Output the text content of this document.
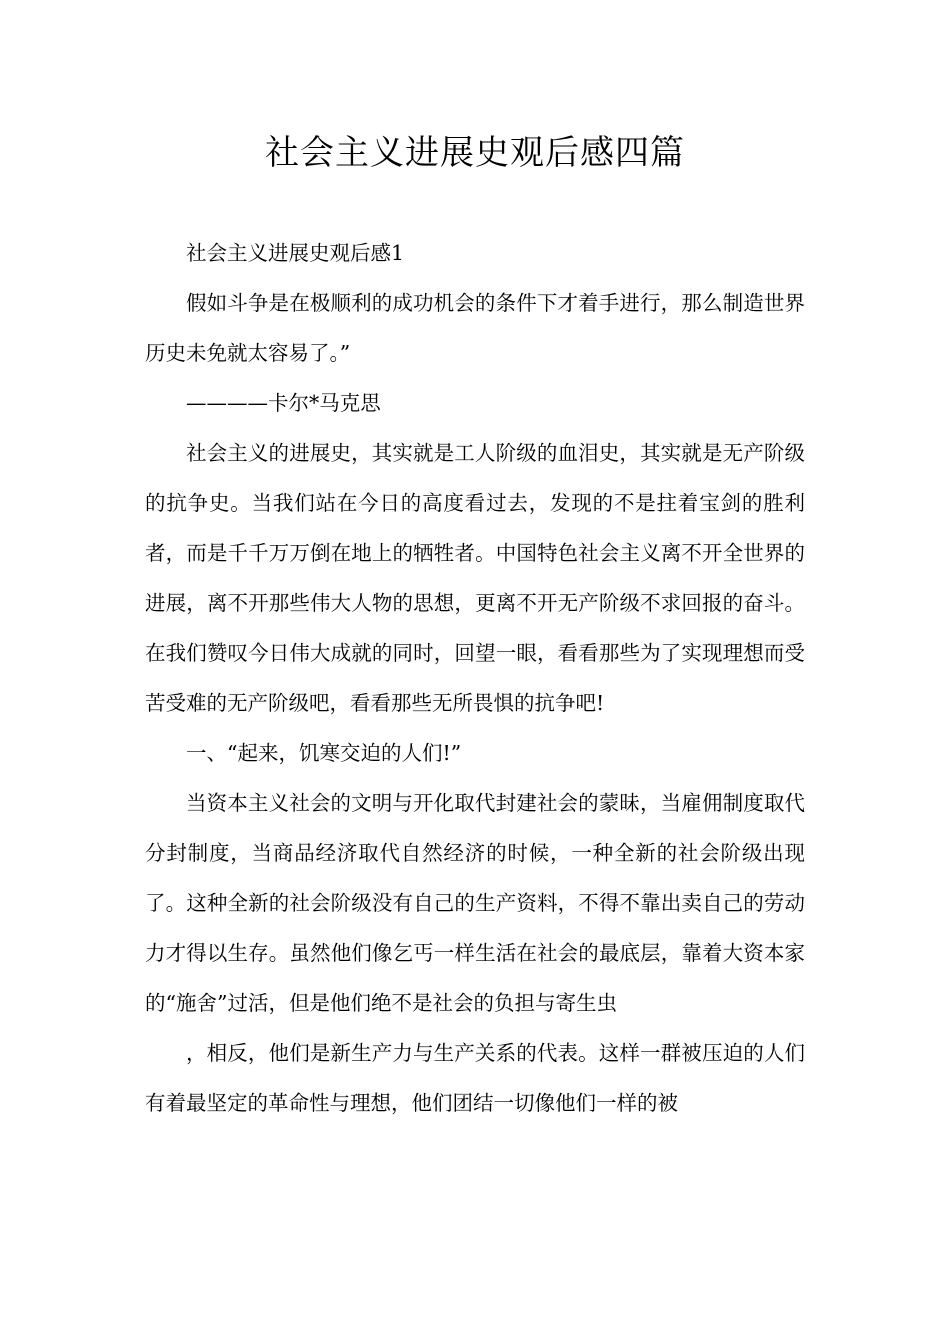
社会主义进展史观后感四篇

社会主义进展史观后感1

假如斗争是在极顺利的成功机会的条件下才着手进行，那么制造世界历史未免就太容易了。”

————卡尔*马克思

社会主义的进展史，其实就是工人阶级的血泪史，其实就是无产阶级的抗争史。当我们站在今日的高度看过去，发现的不是拄着宝剑的胜利者，而是千千万万倒在地上的牺牲者。中国特色社会主义离不开全世界的进展，离不开那些伟大人物的思想，更离不开无产阶级不求回报的奋斗。在我们赞叹今日伟大成就的同时，回望一眼，看看那些为了实现理想而受苦受难的无产阶级吧，看看那些无所畏惧的抗争吧!

一、“起来，饥寒交迫的人们!”

当资本主义社会的文明与开化取代封建社会的蒙昧，当雇佣制度取代分封制度，当商品经济取代自然经济的时候，一种全新的社会阶级出现了。这种全新的社会阶级没有自己的生产资料，不得不靠出卖自己的劳动力才得以生存。虽然他们像乞丐一样生活在社会的最底层，靠着大资本家的“施舍”过活，但是他们绝不是社会的负担与寄生虫

，相反，他们是新生产力与生产关系的代表。这样一群被压迫的人们有着最坚定的革命性与理想，他们团结一切像他们一样的被
